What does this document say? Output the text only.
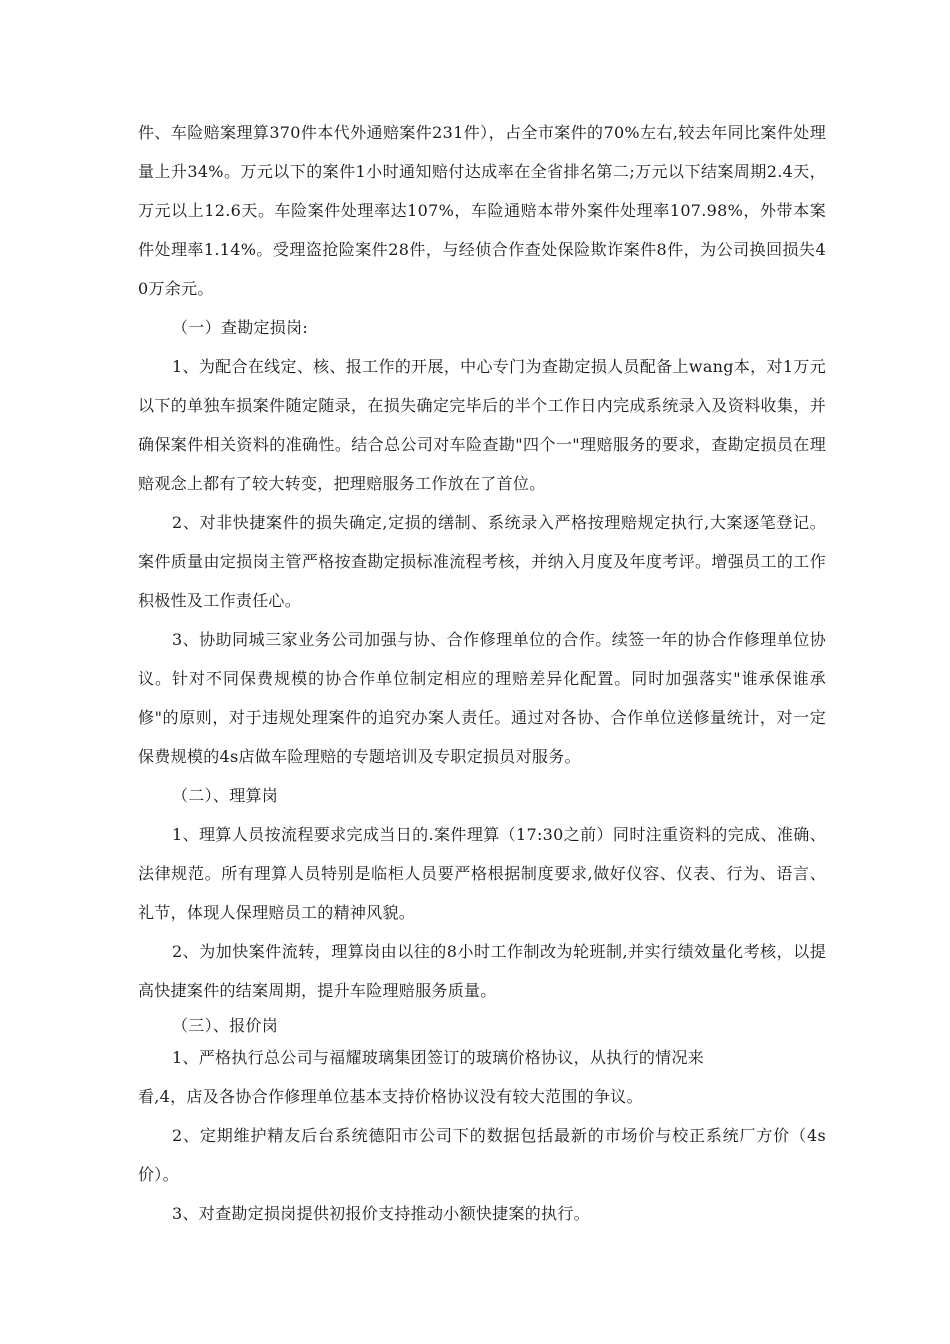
件、车险赔案理算370件本代外通赔案件231件），占全市案件的70%左右,较去年同比案件处理量上升34%。万元以下的案件1小时通知赔付达成率在全省排名第二;万元以下结案周期2.4天，万元以上12.6天。车险案件处理率达107%，车险通赔本带外案件处理率107.98%，外带本案件处理率1.14%。受理盗抢险案件28件，与经侦合作查处保险欺诈案件8件，为公司换回损失40万余元。

（一）查勘定损岗:

1、为配合在线定、核、报工作的开展，中心专门为查勘定损人员配备上wang本，对1万元以下的单独车损案件随定随录，在损失确定完毕后的半个工作日内完成系统录入及资料收集，并确保案件相关资料的准确性。结合总公司对车险查勘"四个一"理赔服务的要求，查勘定损员在理赔观念上都有了较大转变，把理赔服务工作放在了首位。

2、对非快捷案件的损失确定,定损的缮制、系统录入严格按理赔规定执行,大案逐笔登记。案件质量由定损岗主管严格按查勘定损标准流程考核，并纳入月度及年度考评。增强员工的工作积极性及工作责任心。

3、协助同城三家业务公司加强与协、合作修理单位的合作。续签一年的协合作修理单位协议。针对不同保费规模的协合作单位制定相应的理赔差异化配置。同时加强落实"谁承保谁承修"的原则，对于违规处理案件的追究办案人责任。通过对各协、合作单位送修量统计，对一定保费规模的4s店做车险理赔的专题培训及专职定损员对服务。

（二）、理算岗

1、理算人员按流程要求完成当日的.案件理算（17:30之前）同时注重资料的完成、准确、法律规范。所有理算人员特别是临柜人员要严格根据制度要求,做好仪容、仪表、行为、语言、礼节，体现人保理赔员工的精神风貌。

2、为加快案件流转，理算岗由以往的8小时工作制改为轮班制,并实行绩效量化考核，以提高快捷案件的结案周期，提升车险理赔服务质量。

（三）、报价岗

1、严格执行总公司与福耀玻璃集团签订的玻璃价格协议，从执行的情况来

看,4，店及各协合作修理单位基本支持价格协议没有较大范围的争议。

2、定期维护精友后台系统德阳市公司下的数据包括最新的市场价与校正系统厂方价（4s价）。

3、对查勘定损岗提供初报价支持推动小额快捷案的执行。
